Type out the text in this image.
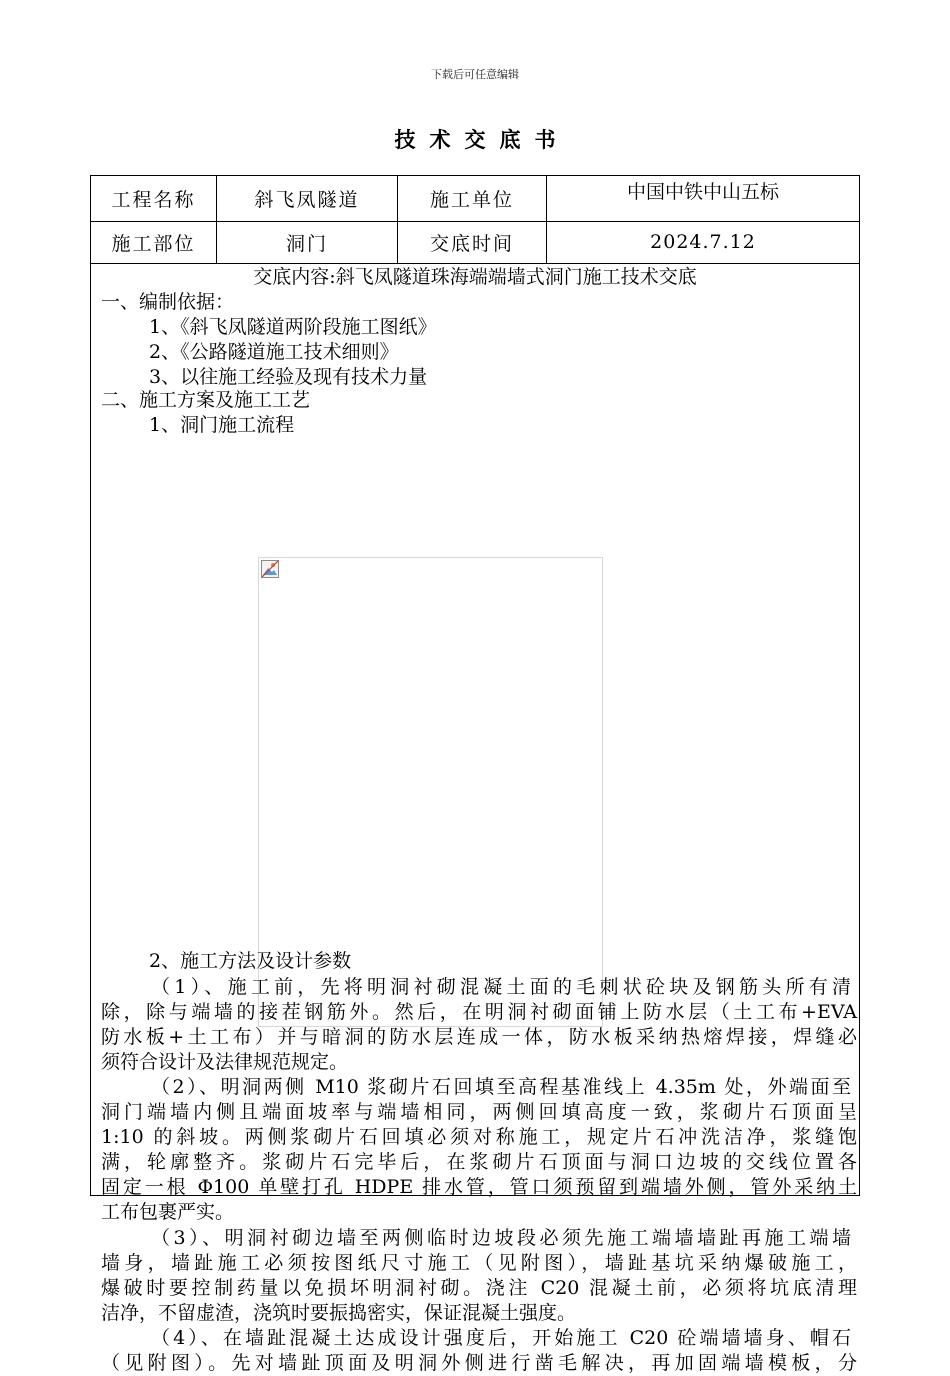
下载后可任意编辑
技术交底书
工程名称	斜飞凤隧道	施工单位	中国中铁中山五标
施工部位	洞门	交底时间	2024.7.12
交底内容:斜飞凤隧道珠海端端墙式洞门施工技术交底
一、编制依据：
1、《斜飞凤隧道两阶段施工图纸》
2、《公路隧道施工技术细则》
3、以往施工经验及现有技术力量
二、施工方案及施工工艺
1、洞门施工流程
2、施工方法及设计参数
（1）、施工前，先将明洞衬砌混凝土面的毛刺状砼块及钢筋头所有清
除，除与端墙的接茬钢筋外。然后，在明洞衬砌面铺上防水层（土工布+EVA
防水板+土工布）并与暗洞的防水层连成一体，防水板采纳热熔焊接，焊缝必
须符合设计及法律规范规定。
（2）、明洞两侧 M10 浆砌片石回填至高程基准线上 4.35m 处，外端面至
洞门端墙内侧且端面坡率与端墙相同，两侧回填高度一致，浆砌片石顶面呈
1:10 的斜坡。两侧浆砌片石回填必须对称施工，规定片石冲洗洁净，浆缝饱
满，轮廓整齐。浆砌片石完毕后，在浆砌片石顶面与洞口边坡的交线位置各
固定一根 Φ100 单壁打孔 HDPE 排水管，管口须预留到端墙外侧，管外采纳土
工布包裹严实。
（3）、明洞衬砌边墙至两侧临时边坡段必须先施工端墙墙趾再施工端墙
墙身，墙趾施工必须按图纸尺寸施工（见附图），墙趾基坑采纳爆破施工，
爆破时要控制药量以免损坏明洞衬砌。浇注 C20 混凝土前，必须将坑底清理
洁净，不留虚渣，浇筑时要振捣密实，保证混凝土强度。
（4）、在墙趾混凝土达成设计强度后，开始施工 C20 砼端墙墙身、帽石
（见附图）。先对墙趾顶面及明洞外侧进行凿毛解决，再加固端墙模板，分
